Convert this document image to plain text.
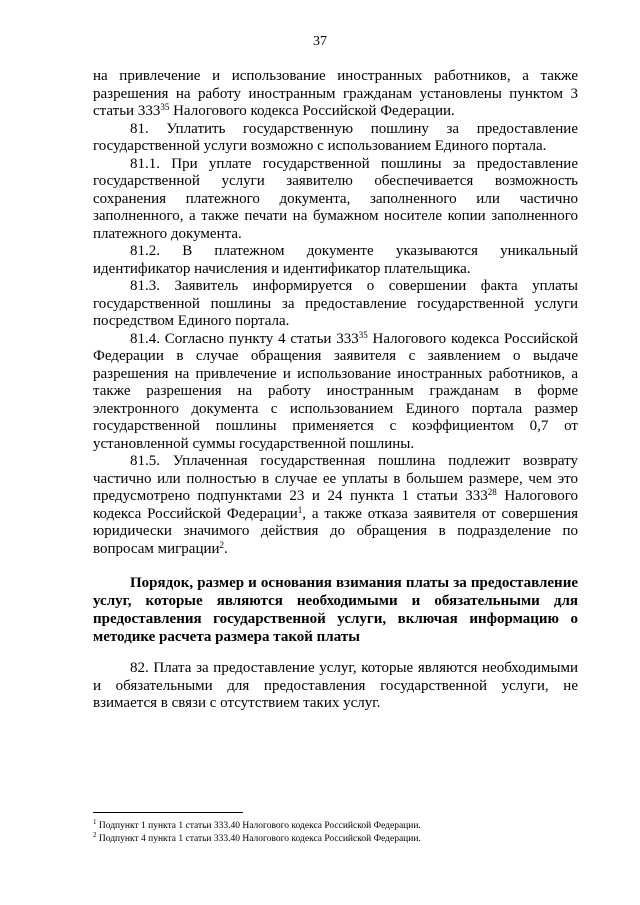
37

на привлечение и использование иностранных работников, а также разрешения на работу иностранным гражданам установлены пунктом 3 статьи $333^{35}$ Налогового кодекса Российской Федерации.

81. Уплатить государственную пошлину за предоставление государственной услуги возможно с использованием Единого портала.

81.1. При уплате государственной пошлины за предоставление государственной услуги заявителю обеспечивается возможность сохранения платежного документа, заполненного или частично заполненного, а также печати на бумажном носителе копии заполненного платежного документа.

81.2. В платежном документе указываются уникальный идентификатор начисления и идентификатор плательщика.

81.3. Заявитель информируется о совершении факта уплаты государственной пошлины за предоставление государственной услуги посредством Единого портала.

81.4. Согласно пункту 4 статьи $333^{35}$ Налогового кодекса Российской Федерации в случае обращения заявителя с заявлением о выдаче разрешения на привлечение и использование иностранных работников, а также разрешения на работу иностранным гражданам в форме электронного документа с использованием Единого портала размер государственной пошлины применяется с коэффициентом 0,7 от установленной суммы государственной пошлины.

81.5. Уплаченная государственная пошлина подлежит возврату частично или полностью в случае ее уплаты в большем размере, чем это предусмотрено подпунктами 23 и 24 пункта 1 статьи $333^{28}$ Налогового кодекса Российской Федерации$^1$, а также отказа заявителя от совершения юридически значимого действия до обращения в подразделение по вопросам миграции$^2$.

Порядок, размер и основания взимания платы за предоставление услуг, которые являются необходимыми и обязательными для предоставления государственной услуги, включая информацию о методике расчета размера такой платы

82. Плата за предоставление услуг, которые являются необходимыми и обязательными для предоставления государственной услуги, не взимается в связи с отсутствием таких услуг.

$^1$ Подпункт 1 пункта 1 статьи 333.40 Налогового кодекса Российской Федерации.

$^2$ Подпункт 4 пункта 1 статьи 333.40 Налогового кодекса Российской Федерации.
